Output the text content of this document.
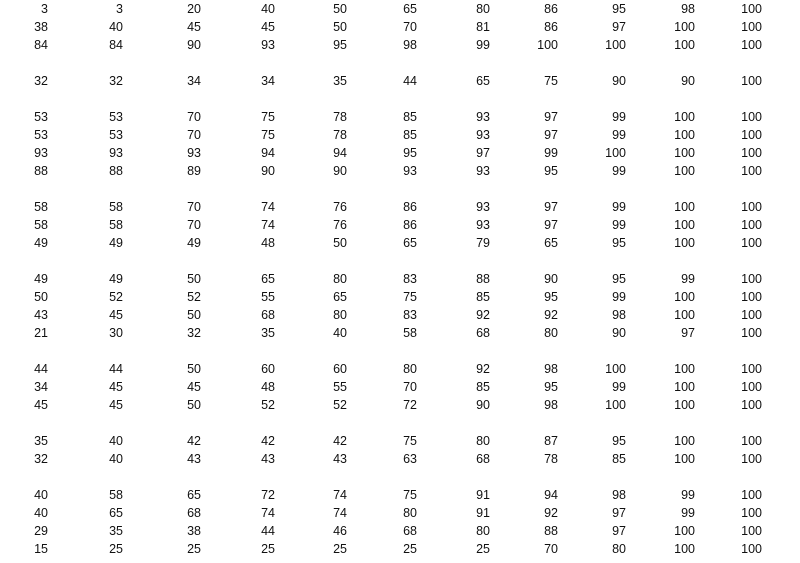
3	3	20	40	50	65	80	86	95	98	100
38	40	45	45	50	70	81	86	97	100	100
84	84	90	93	95	98	99	100	100	100	100
32	32	34	34	35	44	65	75	90	90	100
53	53	70	75	78	85	93	97	99	100	100
53	53	70	75	78	85	93	97	99	100	100
93	93	93	94	94	95	97	99	100	100	100
88	88	89	90	90	93	93	95	99	100	100
58	58	70	74	76	86	93	97	99	100	100
58	58	70	74	76	86	93	97	99	100	100
49	49	49	48	50	65	79	65	95	100	100
49	49	50	65	80	83	88	90	95	99	100
50	52	52	55	65	75	85	95	99	100	100
43	45	50	68	80	83	92	92	98	100	100
21	30	32	35	40	58	68	80	90	97	100
44	44	50	60	60	80	92	98	100	100	100
34	45	45	48	55	70	85	95	99	100	100
45	45	50	52	52	72	90	98	100	100	100
35	40	42	42	42	75	80	87	95	100	100
32	40	43	43	43	63	68	78	85	100	100
40	58	65	72	74	75	91	94	98	99	100
40	65	68	74	74	80	91	92	97	99	100
29	35	38	44	46	68	80	88	97	100	100
15	25	25	25	25	25	25	70	80	100	100
